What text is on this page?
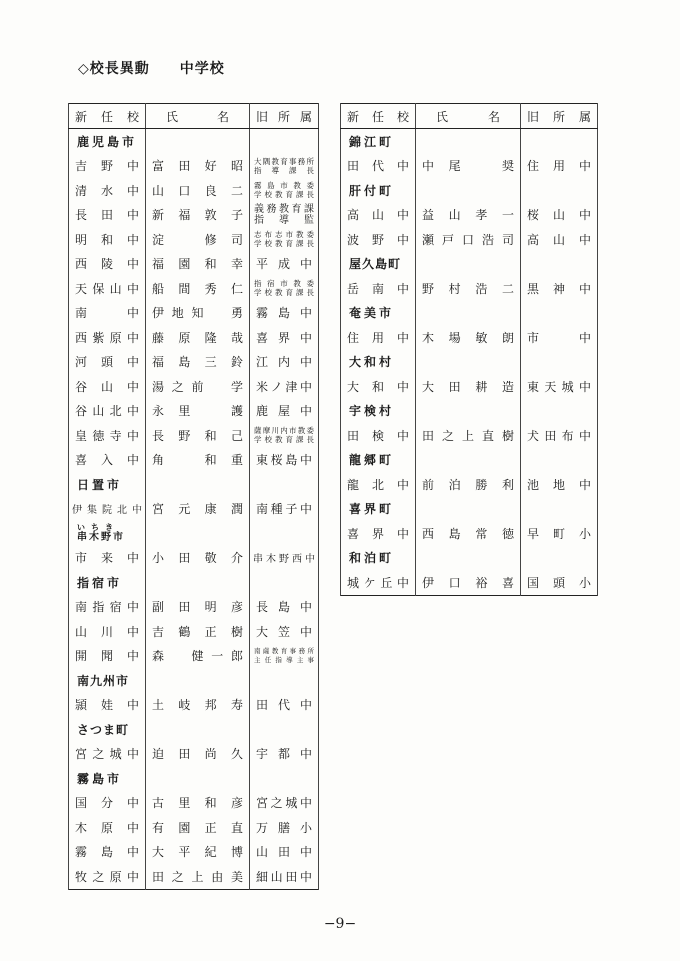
◇校長異動 中学校
新任校	氏　名	旧所属

鹿児島市		

吉野中	富田好昭	大隅教育事務所
指導課長

清水中	山口良二	霧島市教委
学校教育課長

長田中	新福敦子	義務教育課
指導監

明和中	淀　修司	志布志市教委
学校教育課長

西陵中	福園和幸	平成中

天保山中	船間秀仁	指宿市教委
学校教育課長

南中	伊地知　勇	霧島中

西紫原中	藤原隆哉	喜界中

河頭中	福島三鈴	江内中

谷山中	湯之前　学	米ノ津中

谷山北中	永里　護	鹿屋中

皇徳寺中	長野和己	薩摩川内市教委
学校教育課長

喜入中	角　和重	東桜島中

日置市		

伊集院北中	宮元康潤	南種子中

いちき
串木野市		

市来中	小田敬介	串木野西中

指宿市		

南指宿中	副田明彦	長島中

山川中	吉鶴正樹	大笠中

開聞中	森　健一郎	南薩教育事務所
主任指導主事

南九州市		

頴娃中	土岐邦寿	田代中

さつま町		

宮之城中	迫田尚久	宇都中

霧島市		

国分中	古里和彦	宮之城中

木原中	有園正直	万膳小

霧島中	大平紀博	山田中

牧之原中	田之上由美	細山田中
新任校	氏　名	旧所属

錦江町		

田代中	中尾　奨	住用中

肝付町		

高山中	益山孝一	桜山中

波野中	瀬戸口浩司	高山中

屋久島町		

岳南中	野村浩二	黒神中

奄美市		

住用中	木場敏朗	市　中

大和村		

大和中	大田耕造	東天城中

宇検村		

田検中	田之上直樹	犬田布中

龍郷町		

龍北中	前泊勝利	池地中

喜界町		

喜界中	西島常徳	早町小

和泊町		

城ケ丘中	伊口裕喜	国頭小
−9−
